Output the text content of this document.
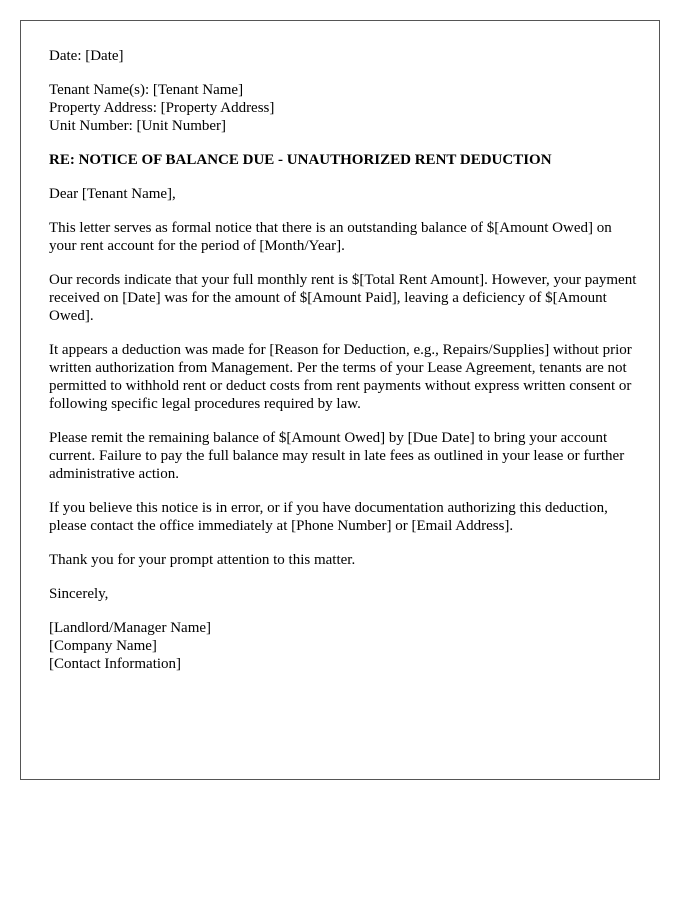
Date: [Date]

Tenant Name(s): [Tenant Name]
Property Address: [Property Address]
Unit Number: [Unit Number]

RE: NOTICE OF BALANCE DUE - UNAUTHORIZED RENT DEDUCTION

Dear [Tenant Name],

This letter serves as formal notice that there is an outstanding balance of $[Amount Owed] on your rent account for the period of [Month/Year].

Our records indicate that your full monthly rent is $[Total Rent Amount]. However, your payment received on [Date] was for the amount of $[Amount Paid], leaving a deficiency of $[Amount Owed].

It appears a deduction was made for [Reason for Deduction, e.g., Repairs/Supplies] without prior written authorization from Management. Per the terms of your Lease Agreement, tenants are not permitted to withhold rent or deduct costs from rent payments without express written consent or following specific legal procedures required by law.

Please remit the remaining balance of $[Amount Owed] by [Due Date] to bring your account current. Failure to pay the full balance may result in late fees as outlined in your lease or further administrative action.

If you believe this notice is in error, or if you have documentation authorizing this deduction, please contact the office immediately at [Phone Number] or [Email Address].

Thank you for your prompt attention to this matter.

Sincerely,

[Landlord/Manager Name]
[Company Name]
[Contact Information]
